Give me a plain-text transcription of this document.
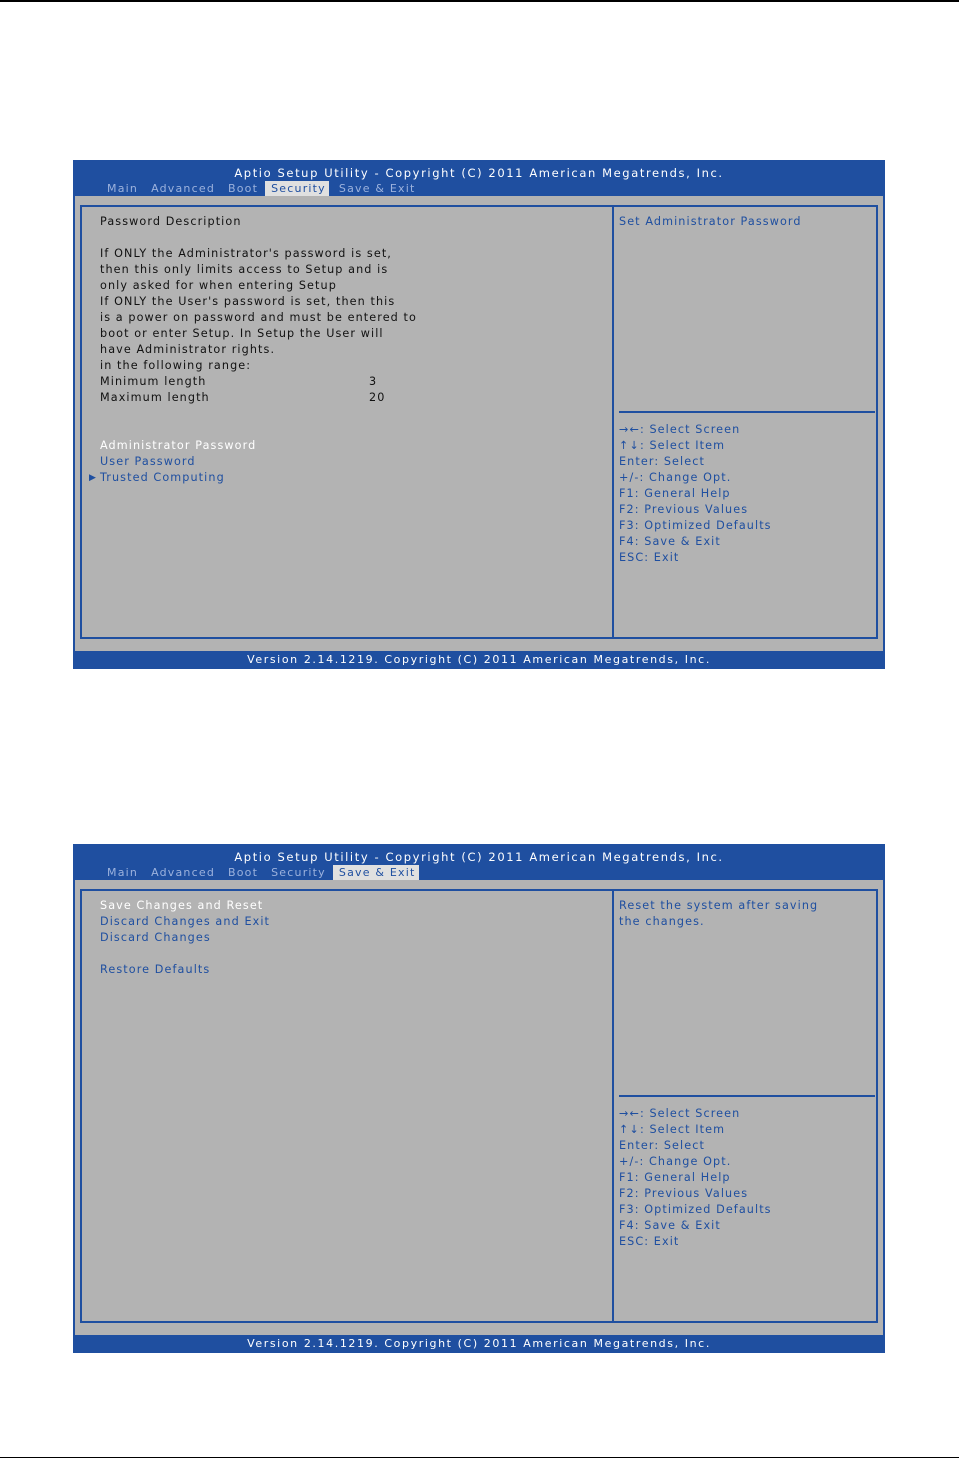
Aptio Setup Utility - Copyright (C) 2011 American Megatrends, Inc.
Main	Advanced	Boot	Security	Save & Exit
Password Description
If ONLY the Administrator's password is set,
then this only limits access to Setup and is
only asked for when entering Setup
If ONLY the User's password is set, then this
is a power on password and must be entered to
boot or enter Setup. In Setup the User will
have Administrator rights.
in the following range:
Minimum length	3
Maximum length	20
Administrator Password
User Password
▶ Trusted Computing
Set Administrator Password
→←: Select Screen
↑↓: Select Item
Enter: Select
+/-: Change Opt.
F1: General Help
F2: Previous Values
F3: Optimized Defaults
F4: Save & Exit
ESC: Exit
Version 2.14.1219. Copyright (C) 2011 American Megatrends, Inc.
Aptio Setup Utility - Copyright (C) 2011 American Megatrends, Inc.
Main	Advanced	Boot	Security	Save & Exit
Save Changes and Reset
Discard Changes and Exit
Discard Changes
Restore Defaults
Reset the system after saving
the changes.
→←: Select Screen
↑↓: Select Item
Enter: Select
+/-: Change Opt.
F1: General Help
F2: Previous Values
F3: Optimized Defaults
F4: Save & Exit
ESC: Exit
Version 2.14.1219. Copyright (C) 2011 American Megatrends, Inc.
